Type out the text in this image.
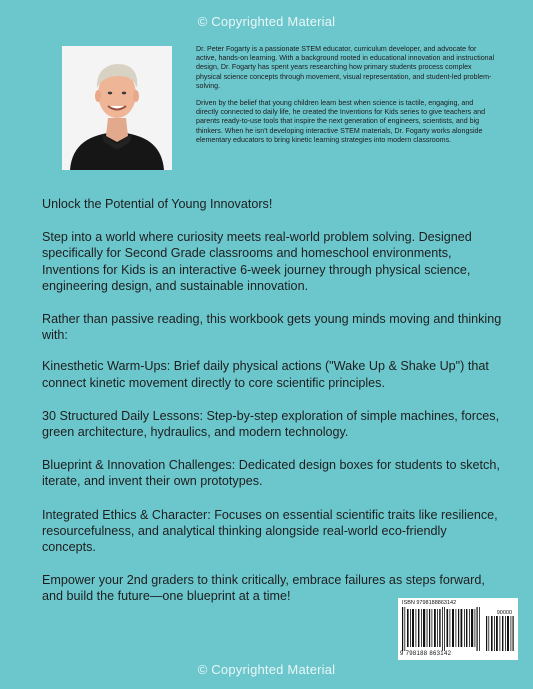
© Copyrighted Material

Dr. Peter Fogarty is a passionate STEM educator, curriculum developer, and advocate for active, hands-on learning. With a background rooted in educational innovation and instructional design, Dr. Fogarty has spent years researching how primary students process complex physical science concepts through movement, visual representation, and student-led problem-solving.

Driven by the belief that young children learn best when science is tactile, engaging, and directly connected to daily life, he created the Inventions for Kids series to give teachers and parents ready-to-use tools that inspire the next generation of engineers, scientists, and big thinkers. When he isn't developing interactive STEM materials, Dr. Fogarty works alongside elementary educators to bring kinetic learning strategies into modern classrooms.

Unlock the Potential of Young Innovators!

Step into a world where curiosity meets real-world problem solving. Designed specifically for Second Grade classrooms and homeschool environments, Inventions for Kids is an interactive 6-week journey through physical science, engineering design, and sustainable innovation.

Rather than passive reading, this workbook gets young minds moving and thinking with:

Kinesthetic Warm-Ups: Brief daily physical actions ("Wake Up & Shake Up") that connect kinetic movement directly to core scientific principles.

30 Structured Daily Lessons: Step-by-step exploration of simple machines, forces, green architecture, hydraulics, and modern technology.

Blueprint & Innovation Challenges: Dedicated design boxes for students to sketch, iterate, and invent their own prototypes.

Integrated Ethics & Character: Focuses on essential scientific traits like resilience, resourcefulness, and analytical thinking alongside real-world eco-friendly concepts.

Empower your 2nd graders to think critically, embrace failures as steps forward, and build the future—one blueprint at a time!	ISBN 9798188863142
90000
9 798188 863142
© Copyrighted Material
